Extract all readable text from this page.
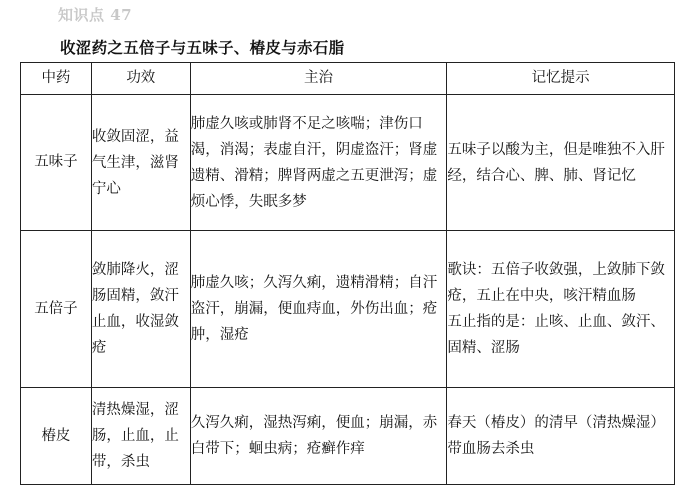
知识点 47
收涩药之五倍子与五味子、椿皮与赤石脂
中药	功效	主治	记忆提示
五味子	收敛固涩，益气生津，滋肾宁心	肺虚久咳或肺肾不足之咳喘；津伤口渴，消渴；表虚自汗，阴虚盗汗；肾虚遗精、滑精；脾肾两虚之五更泄泻；虚烦心悸，失眠多梦	五味子以酸为主，但是唯独不入肝经，结合心、脾、肺、肾记忆

五倍子	敛肺降火，涩肠固精，敛汗止血，收湿敛疮	肺虚久咳；久泻久痢，遗精滑精；自汗盗汗，崩漏，便血痔血，外伤出血；疮肿，湿疮	歌诀：五倍子收敛强，上敛肺下敛疮，五止在中央，咳汗精血肠

五止指的是：止咳、止血、敛汗、固精、涩肠

椿皮	清热燥湿，涩肠，止血，止带，杀虫	久泻久痢，湿热泻痢，便血；崩漏，赤白带下；蛔虫病；疮癣作痒	春天（椿皮）的清早（清热燥湿）带血肠去杀虫
